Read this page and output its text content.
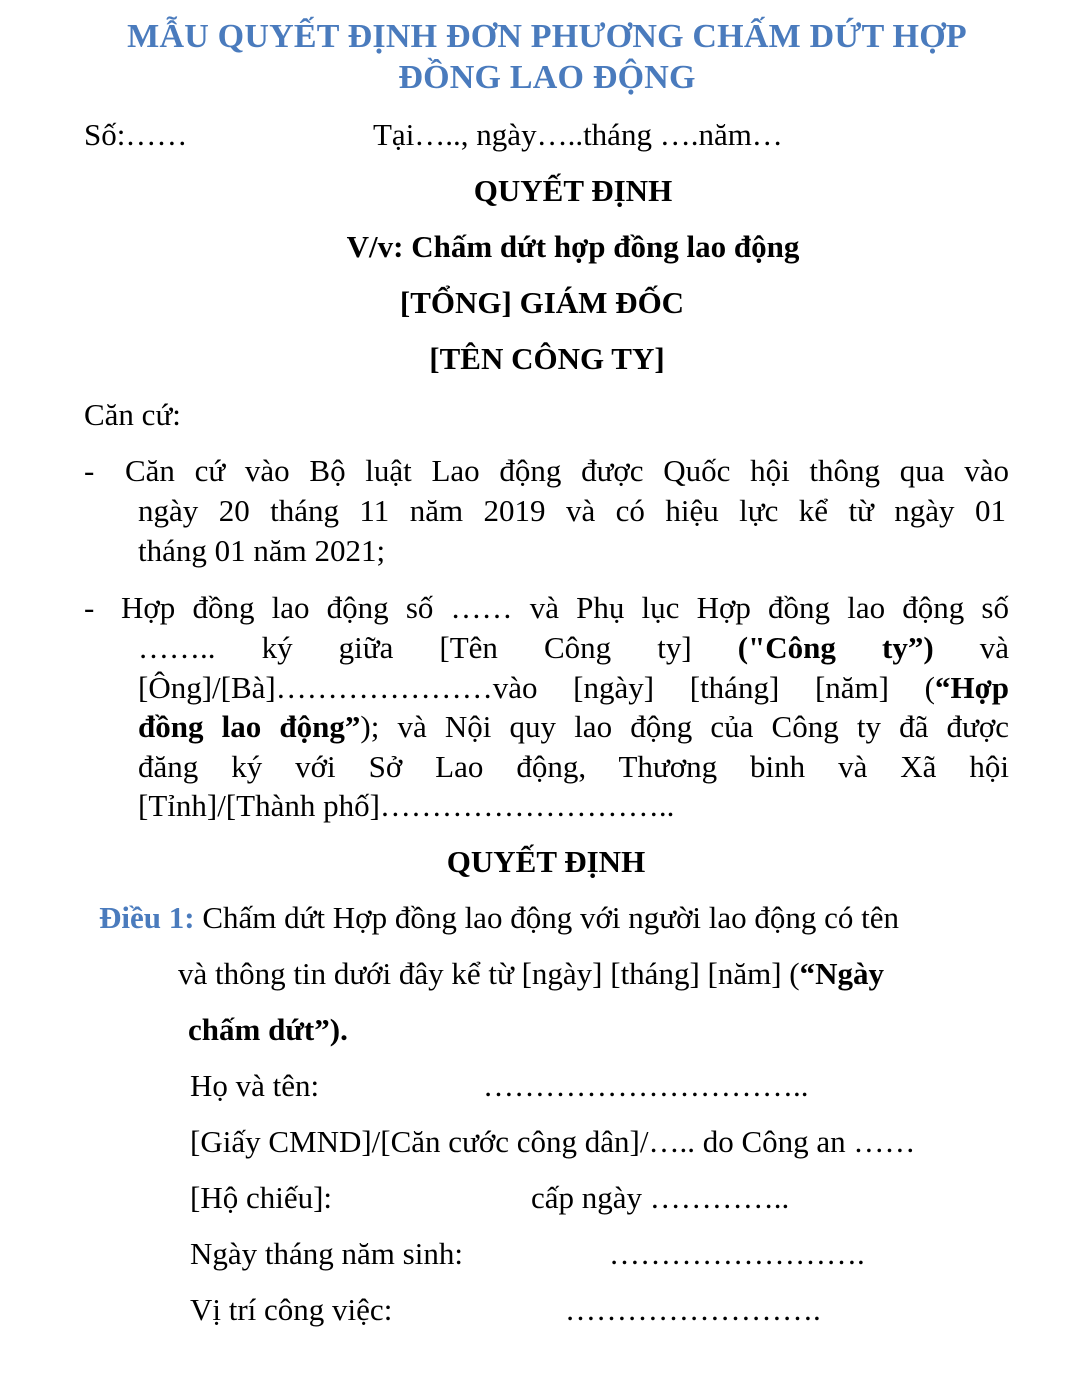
MẪU QUYẾT ĐỊNH ĐƠN PHƯƠNG CHẤM DỨT HỢP
ĐỒNG LAO ĐỘNG
Số:……	Tại….., ngày…..tháng ….năm…
QUYẾT ĐỊNH
V/v: Chấm dứt hợp đồng lao động
[TỔNG] GIÁM ĐỐC
[TÊN CÔNG TY]
Căn cứ:
- Căn cứ vào Bộ luật Lao động được Quốc hội thông qua vào
ngày 20 tháng 11 năm 2019 và có hiệu lực kể từ ngày 01
tháng 01 năm 2021;
- Hợp đồng lao động số …… và Phụ lục Hợp đồng lao động số
…….. ký giữa [Tên Công ty] ("Công ty”) và
[Ông]/[Bà]…………………vào [ngày] [tháng] [năm] (“Hợp
đồng lao động”); và Nội quy lao động của Công ty đã được
đăng ký với Sở Lao động, Thương binh và Xã hội
[Tỉnh]/[Thành phố]………………………..
QUYẾT ĐỊNH
Điều 1: Chấm dứt Hợp đồng lao động với người lao động có tên
và thông tin dưới đây kể từ [ngày] [tháng] [năm] (“Ngày
chấm dứt”).
Họ và tên:	…………………………..
[Giấy CMND]/[Căn cước công dân]/….. do Công an ……
[Hộ chiếu]:	cấp ngày …………..
Ngày tháng năm sinh:	…………………….
Vị trí công việc:	…………………….
